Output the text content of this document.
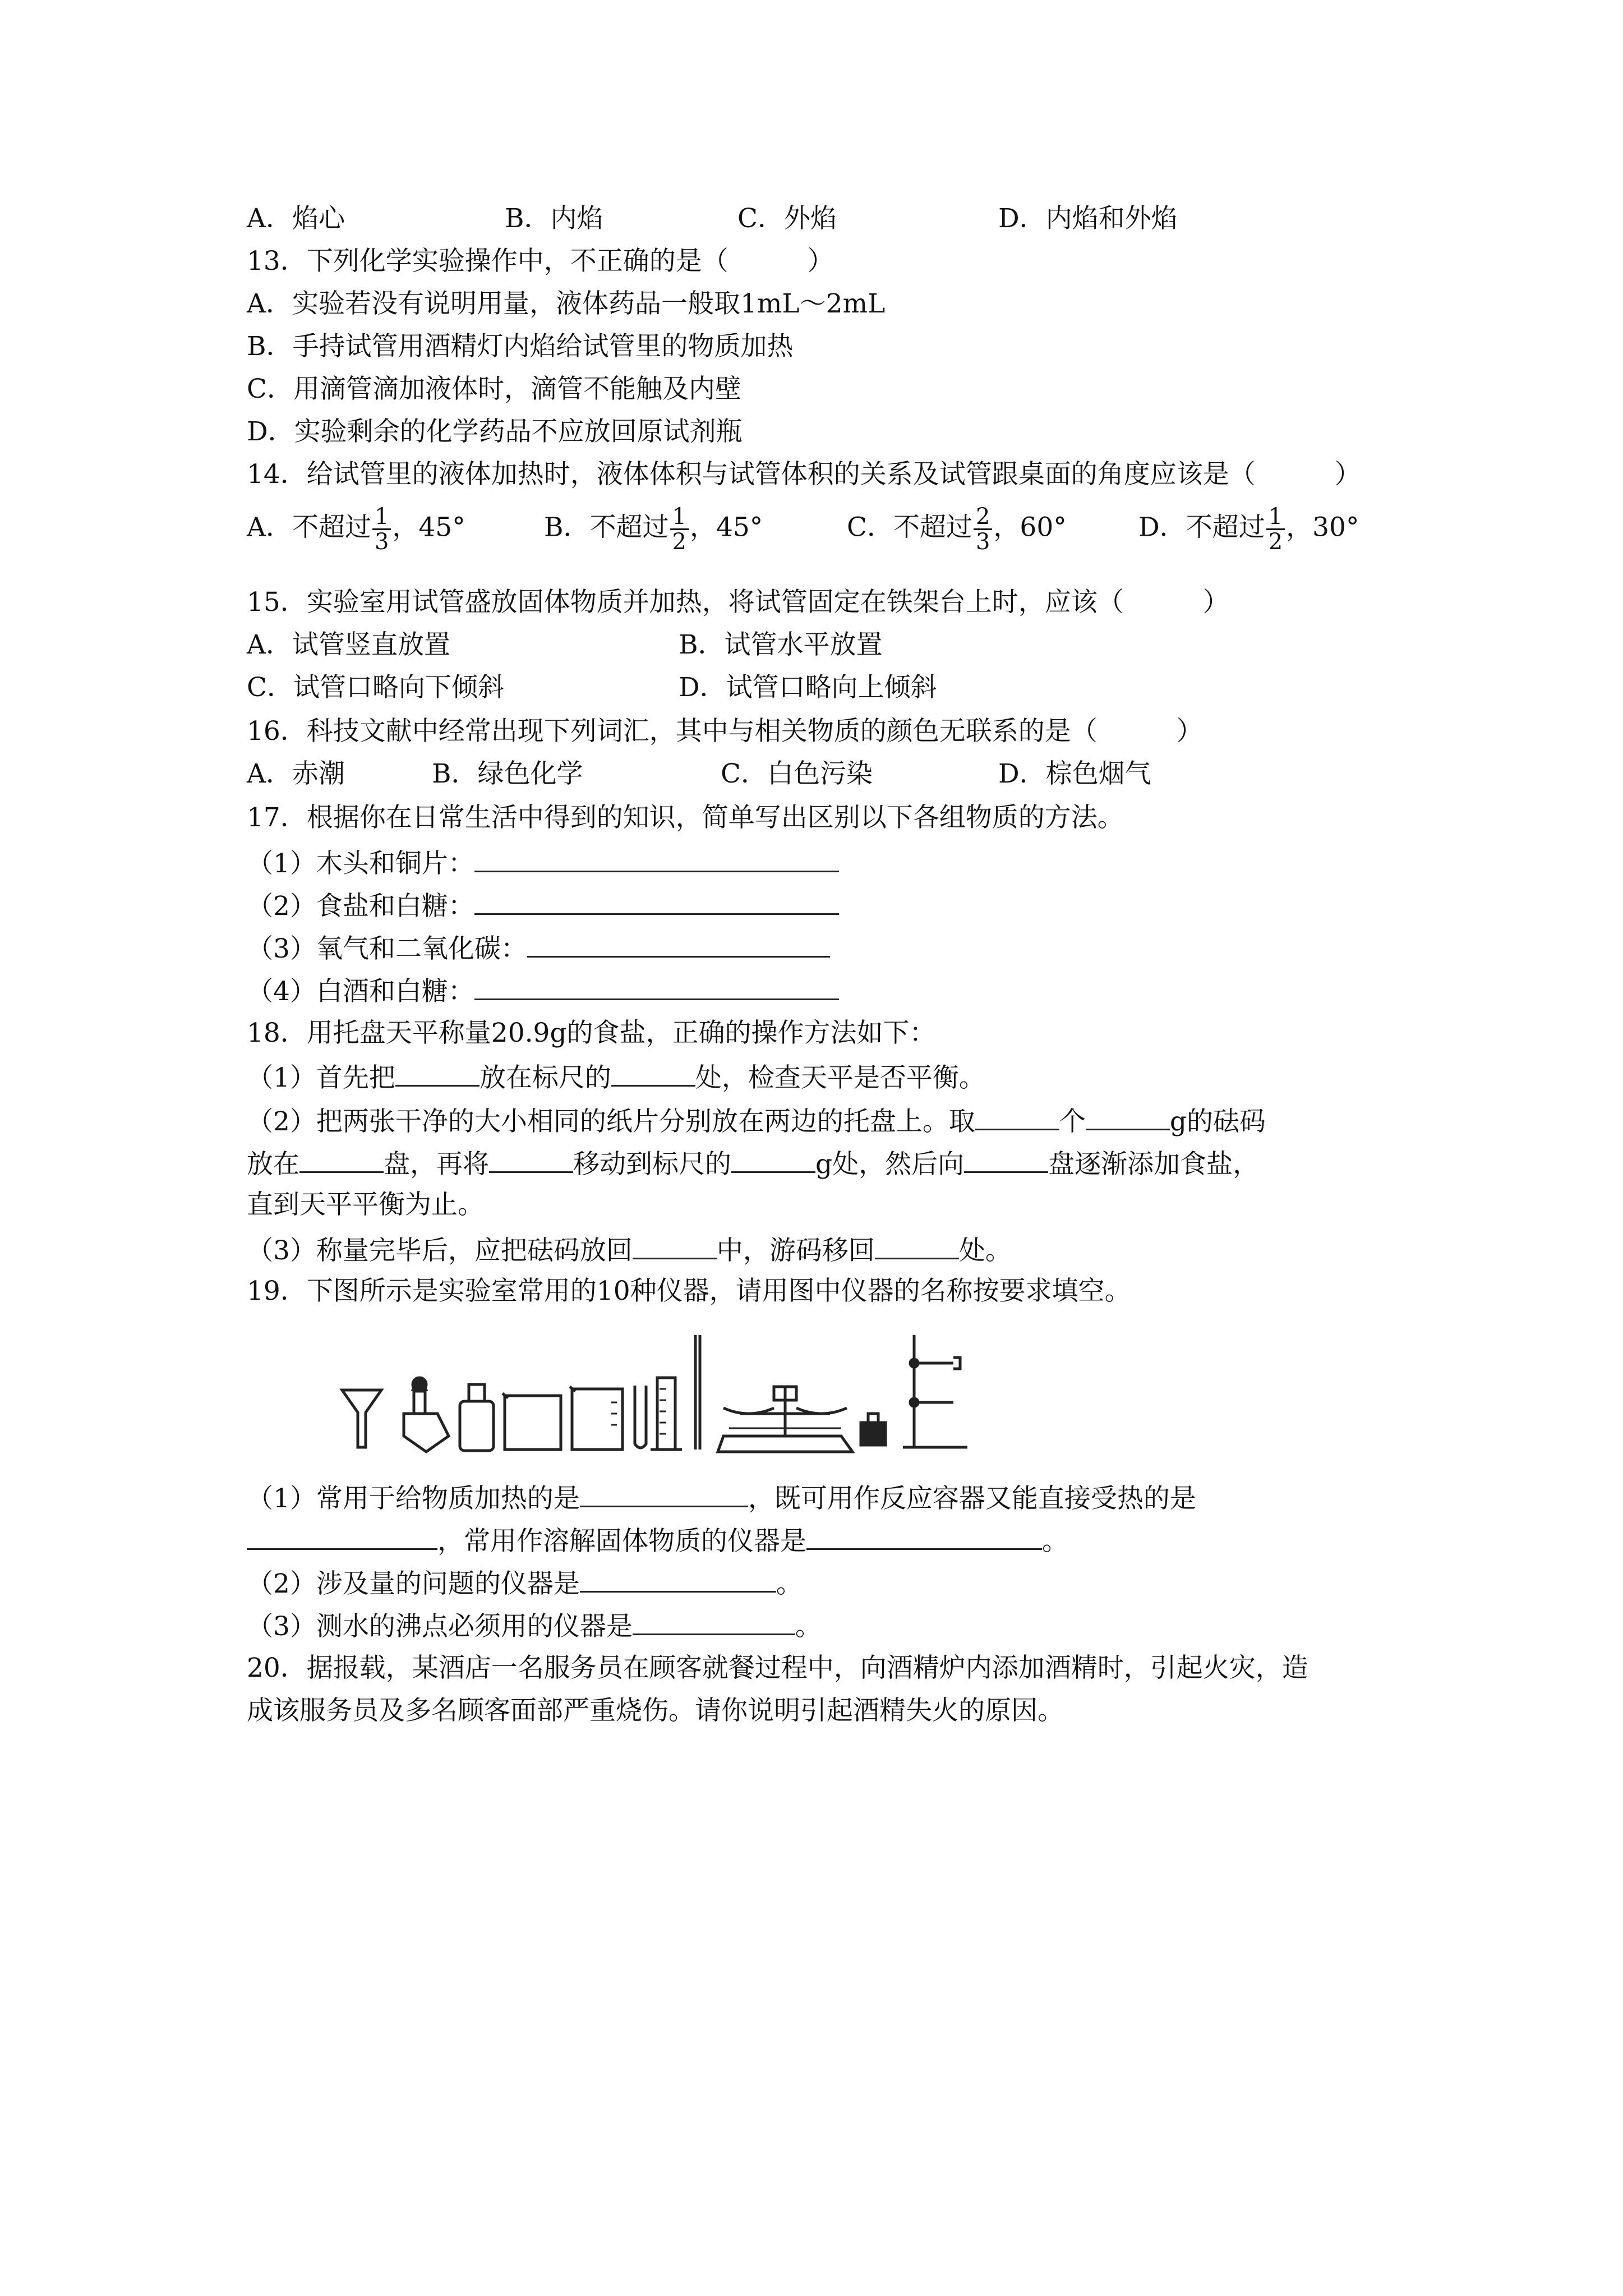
A．焰心	B．内焰	C．外焰	D．内焰和外焰
13．下列化学实验操作中，不正确的是（　　　）
A．实验若没有说明用量，液体药品一般取1mL～2mL
B．手持试管用酒精灯内焰给试管里的物质加热
C．用滴管滴加液体时，滴管不能触及内壁
D．实验剩余的化学药品不应放回原试剂瓶
14．给试管里的液体加热时，液体体积与试管体积的关系及试管跟桌面的角度应该是（　　　）
A．不超过 $\frac{1}{3}$ ，45°	B．不超过 $\frac{1}{2}$ ，45°	C．不超过 $\frac{2}{3}$ ，60°	D．不超过 $\frac{1}{2}$ ，30°
15．实验室用试管盛放固体物质并加热，将试管固定在铁架台上时，应该（　　　）
A．试管竖直放置	B．试管水平放置
C．试管口略向下倾斜	D．试管口略向上倾斜
16．科技文献中经常出现下列词汇，其中与相关物质的颜色无联系的是（　　　）
A．赤潮	B．绿色化学	C．白色污染	D．棕色烟气
17．根据你在日常生活中得到的知识，简单写出区别以下各组物质的方法。
（1）木头和铜片：
（2）食盐和白糖：
（3）氧气和二氧化碳：
（4）白酒和白糖：
18．用托盘天平称量20.9g的食盐，正确的操作方法如下：
（1）首先把	放在标尺的	处，检查天平是否平衡。
（2）把两张干净的大小相同的纸片分别放在两边的托盘上。取	个	g的砝码
放在	盘，再将	移动到标尺的	g处，然后向	盘逐渐添加食盐，
直到天平平衡为止。
（3）称量完毕后，应把砝码放回	中，游码移回	处。
19．下图所示是实验室常用的10种仪器，请用图中仪器的名称按要求填空。
（1）常用于给物质加热的是	，既可用作反应容器又能直接受热的是
，常用作溶解固体物质的仪器是	。
（2）涉及量的问题的仪器是	。
（3）测水的沸点必须用的仪器是	。
20．据报载，某酒店一名服务员在顾客就餐过程中，向酒精炉内添加酒精时，引起火灾，造
成该服务员及多名顾客面部严重烧伤。请你说明引起酒精失火的原因。
